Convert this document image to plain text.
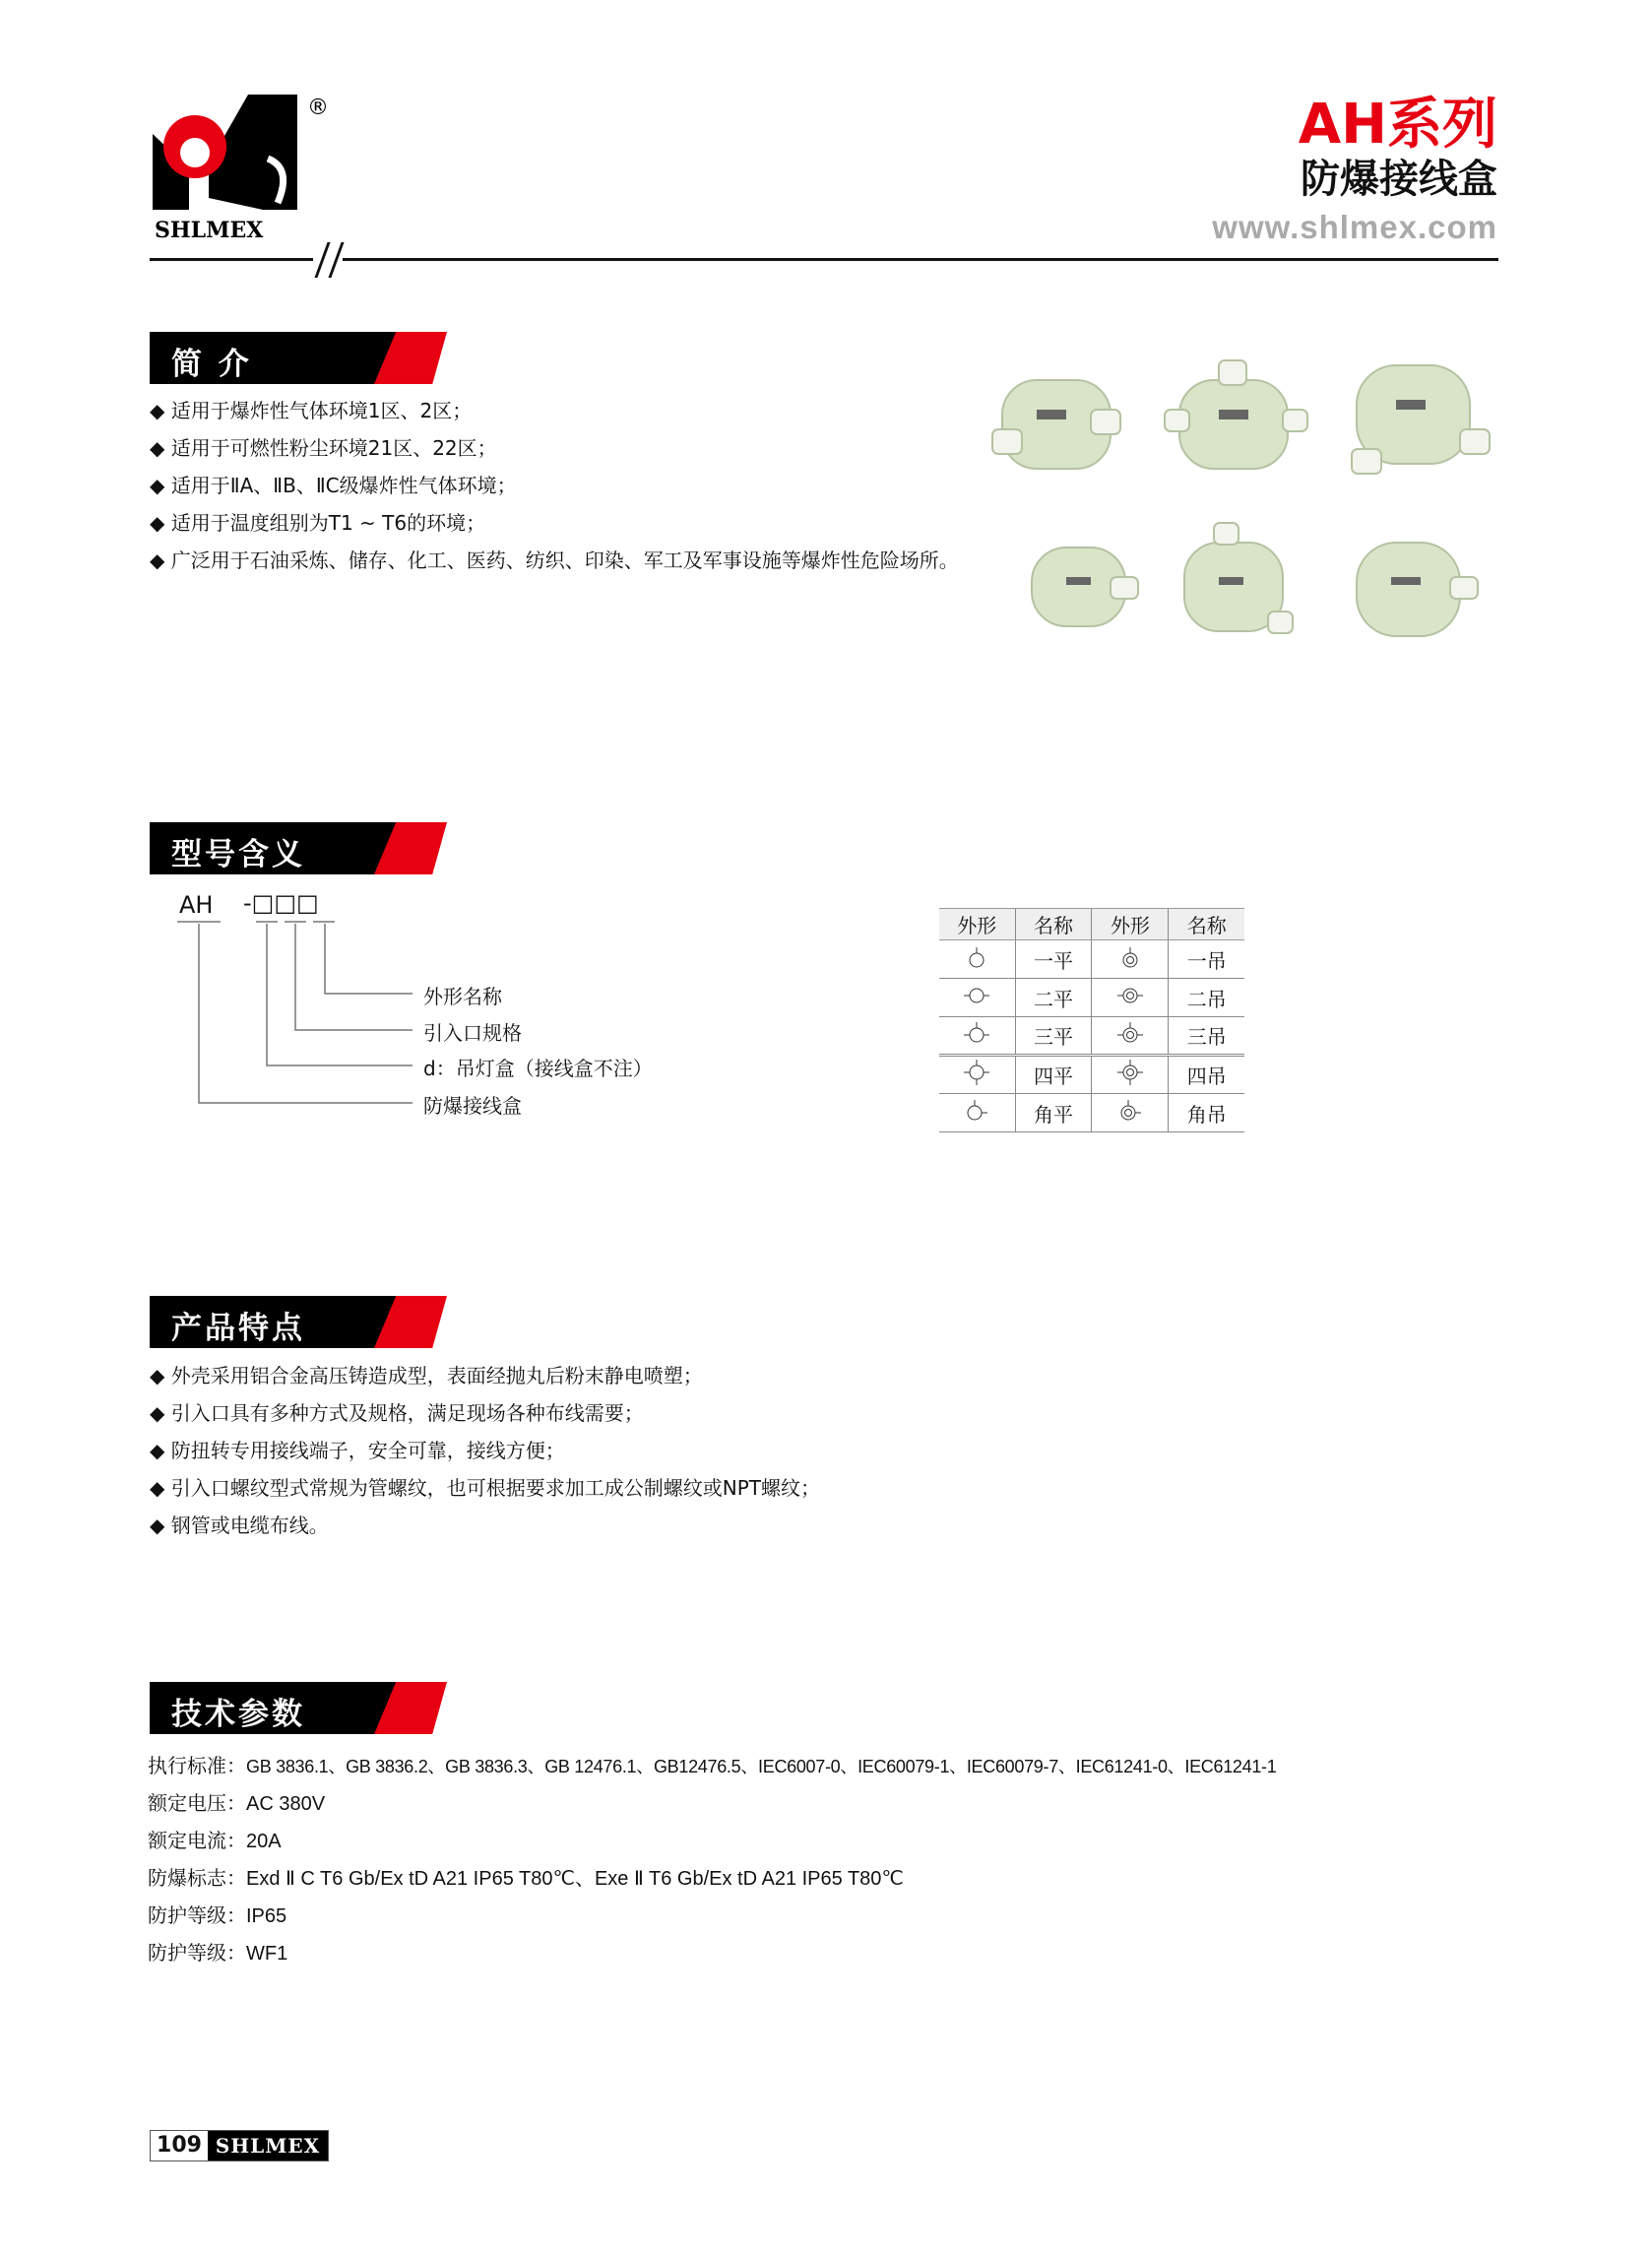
SHLMEX
®	AH系列
防爆接线盒
www.shlmex.com
简 介
◆ 适用于爆炸性气体环境1区、2区；
◆ 适用于可燃性粉尘环境21区、22区；
◆ 适用于ⅡA、ⅡB、ⅡC级爆炸性气体环境；
◆ 适用于温度组别为T1 ~ T6的环境；
◆ 广泛用于石油采炼、储存、化工、医药、纺织、印染、军工及军事设施等爆炸性危险场所。
型号含义
AH -□□□
外形名称
引入口规格
d：吊灯盒（接线盒不注）
防爆接线盒
外形	名称	外形	名称
	一平		一吊
	二平		二吊
	三平		三吊
	四平		四吊
	角平		角吊
产品特点
◆ 外壳采用铝合金高压铸造成型，表面经抛丸后粉末静电喷塑；
◆ 引入口具有多种方式及规格，满足现场各种布线需要；
◆ 防扭转专用接线端子，安全可靠，接线方便；
◆ 引入口螺纹型式常规为管螺纹，也可根据要求加工成公制螺纹或NPT螺纹；
◆ 钢管或电缆布线。
技术参数
执行标准：GB 3836.1、GB 3836.2、GB 3836.3、GB 12476.1、GB12476.5、IEC6007-0、IEC60079-1、IEC60079-7、IEC61241-0、IEC61241-1
额定电压：AC 380V
额定电流：20A
防爆标志：Exd Ⅱ C T6 Gb/Ex tD A21 IP65 T80℃、Exe Ⅱ T6 Gb/Ex tD A21 IP65 T80℃
防护等级：IP65
防护等级：WF1
109 SHLMEX
